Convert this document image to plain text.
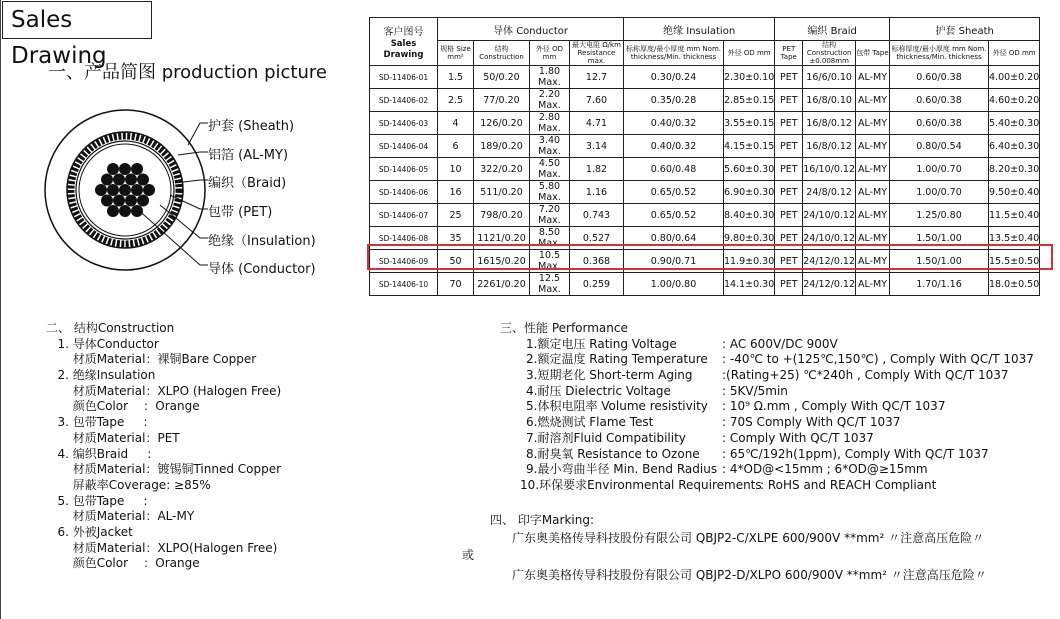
Sales Drawing
一、产品简图 production picture
护套 (Sheath)
铝箔 (AL-MY)
编织（Braid)
包带 (PET)
绝缘（Insulation)
导体 (Conductor)
客户图号
Sales Drawing	导体 Conductor				绝缘 Insulation		编织 Braid			护套 Sheath	
	规格 Size mm²	结构 Construction	外径 OD mm	最大电阻 Ω/km Resistance max.	标称厚度/最小厚度 mm Nom. thickness/Min. thickness	外径 OD mm	PET Tape	结构 Construction ±0.008mm	包带 Tape	标称厚度/最小厚度 mm Nom. thickness/Min. thickness	外径 OD mm
SD-11406-01	1.5	50/0.20	1.80 Max.	12.7	0.30/0.24	2.30±0.10	PET	16/6/0.10	AL-MY	0.60/0.38	4.00±0.20
SD-14406-02	2.5	77/0.20	2.20 Max.	7.60	0.35/0.28	2.85±0.15	PET	16/8/0.10	AL-MY	0.60/0.38	4.60±0.20
SD-14406-03	4	126/0.20	2.80 Max.	4.71	0.40/0.32	3.55±0.15	PET	16/8/0.12	AL-MY	0.60/0.38	5.40±0.30
SD-14406-04	6	189/0.20	3.40 Max.	3.14	0.40/0.32	4.15±0.15	PET	16/8/0.12	AL-MY	0.80/0.54	6.40±0.30
SD-14406-05	10	322/0.20	4.50 Max.	1.82	0.60/0.48	5.60±0.30	PET	16/10/0.12	AL-MY	1.00/0.70	8.20±0.30
SD-14406-06	16	511/0.20	5.80 Max.	1.16	0.65/0.52	6.90±0.30	PET	24/8/0.12	AL-MY	1.00/0.70	9.50±0.40
SD-14406-07	25	798/0.20	7.20 Max.	0.743	0.65/0.52	8.40±0.30	PET	24/10/0.12	AL-MY	1.25/0.80	11.5±0.40
SD-14406-08	35	1121/0.20	8.50 Max.	0.527	0.80/0.64	9.80±0.30	PET	24/10/0.12	AL-MY	1.50/1.00	13.5±0.40
SD-14406-09	50	1615/0.20	10.5 Max.	0.368	0.90/0.71	11.9±0.30	PET	24/12/0.12	AL-MY	1.50/1.00	15.5±0.50
SD-14406-10	70	2261/0.20	12.5 Max.	0.259	1.00/0.80	14.1±0.30	PET	24/12/0.12	AL-MY	1.70/1.16	18.0±0.50
二、 结构Construction
1. 导体Conductor
材质Material：裸铜Bare Copper
2. 绝缘Insulation
材质Material：XLPO (Halogen Free)
颜色Color    ：Orange
3. 包带Tape     :
材质Material：PET
4. 编织Braid     :
材质Material：镀锡铜Tinned Copper
屏蔽率Coverage: ≥85%
5. 包带Tape     :
材质Material：AL-MY
6. 外被Jacket
材质Material：XLPO(Halogen Free)
颜色Color    ：Orange
三、性能 Performance
1.额定电压 Rating Voltage	: AC 600V/DC 900V
2.额定温度 Rating Temperature	: -40℃ to +(125℃,150℃) , Comply With QC/T 1037
3.短期老化 Short-term Aging	:(Rating+25) ℃*240h , Comply With QC/T 1037
4.耐压 Dielectric Voltage	: 5KV/5min
5.体积电阻率 Volume resistivity	: 10⁹ Ω.mm , Comply With QC/T 1037
6.燃烧测试 Flame Test	: 70S Comply With QC/T 1037
7.耐溶剂Fluid Compatibility	: Comply With QC/T 1037
8.耐臭氧 Resistance to Ozone	: 65℃/192h(1ppm), Comply With QC/T 1037
9.最小弯曲半径 Min. Bend Radius : 4*OD@<15mm ; 6*OD@≥15mm
10.环保要求Environmental Requirements
: RoHS and REACH Compliant
四、 印字Marking:
广东奥美格传导科技股份有限公司 QBJP2-C/XLPE 600/900V **mm² 〃注意高压危险〃
或
广东奥美格传导科技股份有限公司 QBJP2-D/XLPO 600/900V **mm² 〃注意高压危险〃
